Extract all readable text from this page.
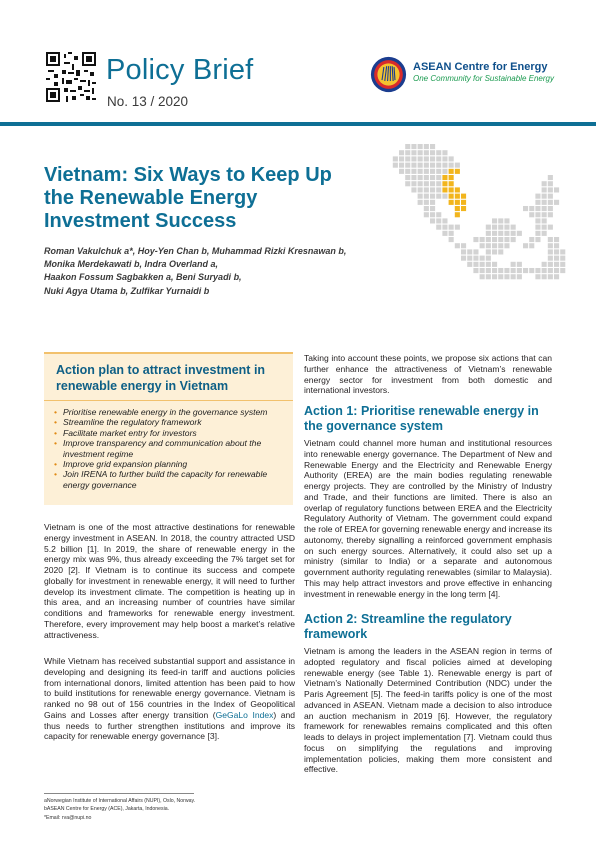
Policy Brief
No. 13 / 2020
ASEAN Centre for Energy
One Community for Sustainable Energy
Vietnam: Six Ways to Keep Up
the Renewable Energy
Investment Success
Roman Vakulchuk a*, Hoy-Yen Chan b, Muhammad Rizki Kresnawan b,
Monika Merdekawati b, Indra Overland a,
Haakon Fossum Sagbakken a, Beni Suryadi b,
Nuki Agya Utama b, Zulfikar Yurnaidi b
Action plan to attract investment in renewable energy in Vietnam
• Prioritise renewable energy in the governance system
• Streamline the regulatory framework
• Facilitate market entry for investors
• Improve transparency and communication about the investment regime
• Improve grid expansion planning
• Join IRENA to further build the capacity for renewable energy governance

Vietnam is one of the most attractive destinations for renewable energy investment in ASEAN. In 2018, the country attracted USD 5.2 billion [1]. In 2019, the share of renewable energy in the energy mix was 9%, thus already exceeding the 7% target set for 2020 [2]. If Vietnam is to continue its success and compete globally for investment in renewable energy, it will need to further develop its investment climate. The competition is heating up in this area, and an increasing number of countries have similar conditions and frameworks for renewable energy investment. Therefore, every improvement may help boost a market’s relative attractiveness.

While Vietnam has received substantial support and assistance in developing and designing its feed-in tariff and auctions policies from international donors, limited attention has been paid to how to build institutions for renewable energy governance. Vietnam is ranked no 98 out of 156 countries in the Index of Geopolitical Gains and Losses after energy transition (GeGaLo Index) and thus needs to further strengthen institutions and improve its capacity for renewable energy governance [3].

Taking into account these points, we propose six actions that can further enhance the attractiveness of Vietnam’s renewable energy sector for investment from both domestic and international investors.

Action 1: Prioritise renewable energy in the governance system

Vietnam could channel more human and institutional resources into renewable energy governance. The Department of New and Renewable Energy and the Electricity and Renewable Energy Authority (EREA) are the main bodies regulating renewable energy projects. They are controlled by the Ministry of Industry and Trade, and their functions are limited. There is also an overlap of regulatory functions between EREA and the Electricity Regulatory Authority of Vietnam. The government could expand the role of EREA for governing renewable energy and increase its autonomy, thereby signalling a reinforced government emphasis on such energy sources. Alternatively, it could also set up a ministry (similar to India) or a separate and autonomous government authority regulating renewables (similar to Malaysia). This may help attract investors and prove effective in enhancing investment in renewable energy in the long term [4].

Action 2: Streamline the regulatory framework

Vietnam is among the leaders in the ASEAN region in terms of adopted regulatory and fiscal policies aimed at developing renewable energy (see Table 1). Renewable energy is part of Vietnam’s Nationally Determined Contribution (NDC) under the Paris Agreement [5]. The feed-in tariffs policy is one of the most advanced in ASEAN. Vietnam made a decision to also introduce an auction mechanism in 2019 [6]. However, the regulatory framework for renewables remains complicated and this often leads to delays in project implementation [7]. Vietnam could thus focus on simplifying the regulations and improving implementation policies, making them more consistent and effective.

aNorwegian Institute of International Affairs (NUPI), Oslo, Norway.
bASEAN Centre for Energy (ACE), Jakarta, Indonesia.
*Email: rva@nupi.no
